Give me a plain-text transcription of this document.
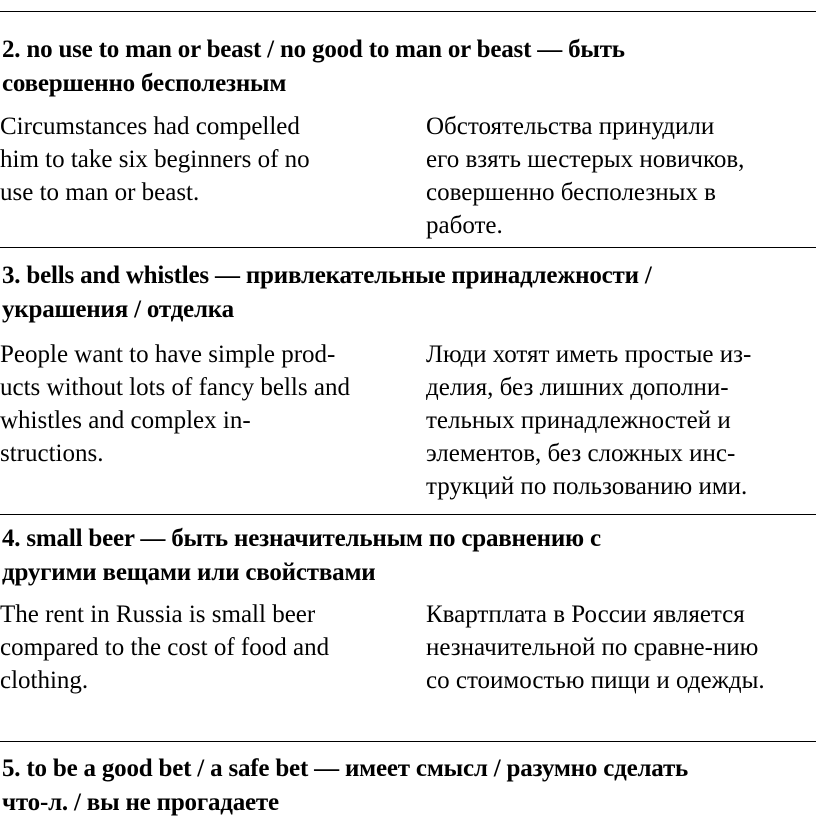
2. no use to man or beast / no good to man or beast — быть
совершенно бесполезным
Circumstances had compelled
him to take six beginners of no
use to man or beast.
Обстоятельства принудили
его взять шестерых новичков,
совершенно бесполезных в
работе.
3. bells and whistles — привлекательные принадлежности /
украшения / отделка
People want to have simple prod-
ucts without lots of fancy bells and
whistles and complex in-
structions.
Люди хотят иметь простые из-
делия, без лишних дополни-
тельных принадлежностей и
элементов, без сложных инс-
трукций по пользованию ими.
4. small beer — быть незначительным по сравнению с
другими вещами или свойствами
The rent in Russia is small beer
compared to the cost of food and
clothing.
Квартплата в России является
незначительной по сравне-нию
со стоимостью пищи и одежды.
5. to be a good bet / a safe bet — имеет смысл / разумно сделать
что-л. / вы не прогадаете
